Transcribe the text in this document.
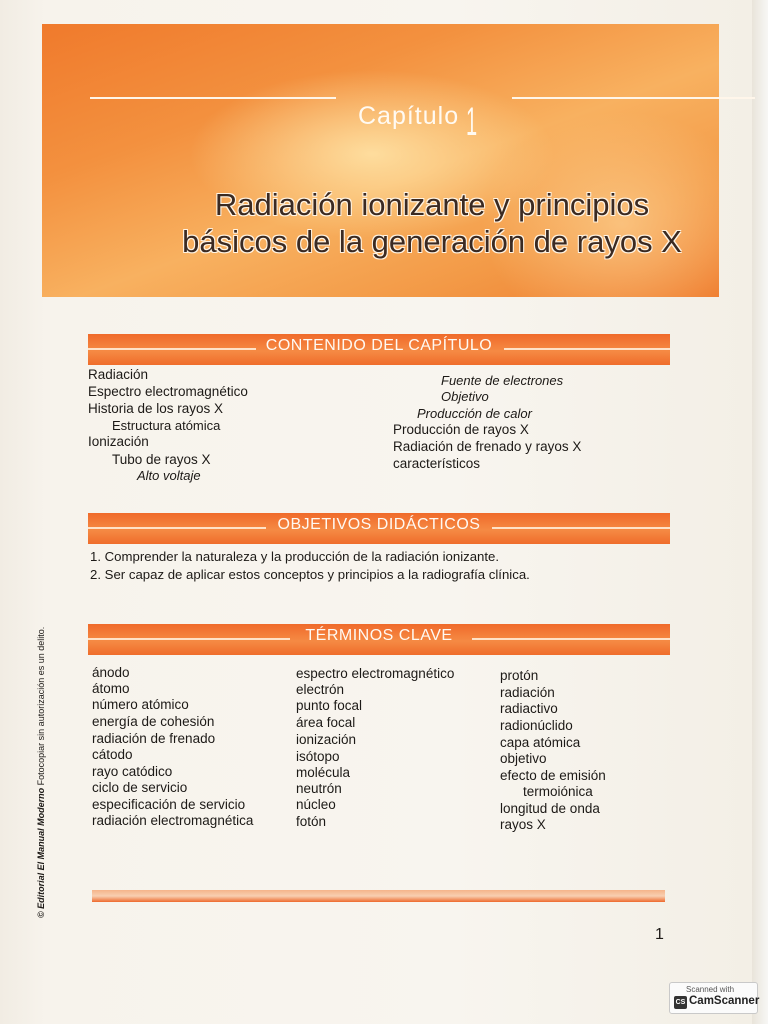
Capítulo 1
Radiación ionizante y principios
básicos de la generación de rayos X
CONTENIDO DEL CAPÍTULO
Radiación
Espectro electromagnético
Historia de los rayos X
Estructura atómica
Ionización
Tubo de rayos X
Alto voltaje
Fuente de electrones
Objetivo
Producción de calor
Producción de rayos X
Radiación de frenado y rayos X
característicos
OBJETIVOS DIDÁCTICOS
1. Comprender la naturaleza y la producción de la radiación ionizante.
2. Ser capaz de aplicar estos conceptos y principios a la radiografía clínica.
TÉRMINOS CLAVE
ánodo
átomo
número atómico
energía de cohesión
radiación de frenado
cátodo
rayo catódico
ciclo de servicio
especificación de servicio
radiación electromagnética
espectro electromagnético
electrón
punto focal
área focal
ionización
isótopo
molécula
neutrón
núcleo
fotón
protón
radiación
radiactivo
radionúclido
capa atómica
objetivo
efecto de emisión
termoiónica
longitud de onda
rayos X
© Editorial El Manual Moderno Fotocopiar sin autorización es un delito.
1
Scanned with
CS CamScanner
